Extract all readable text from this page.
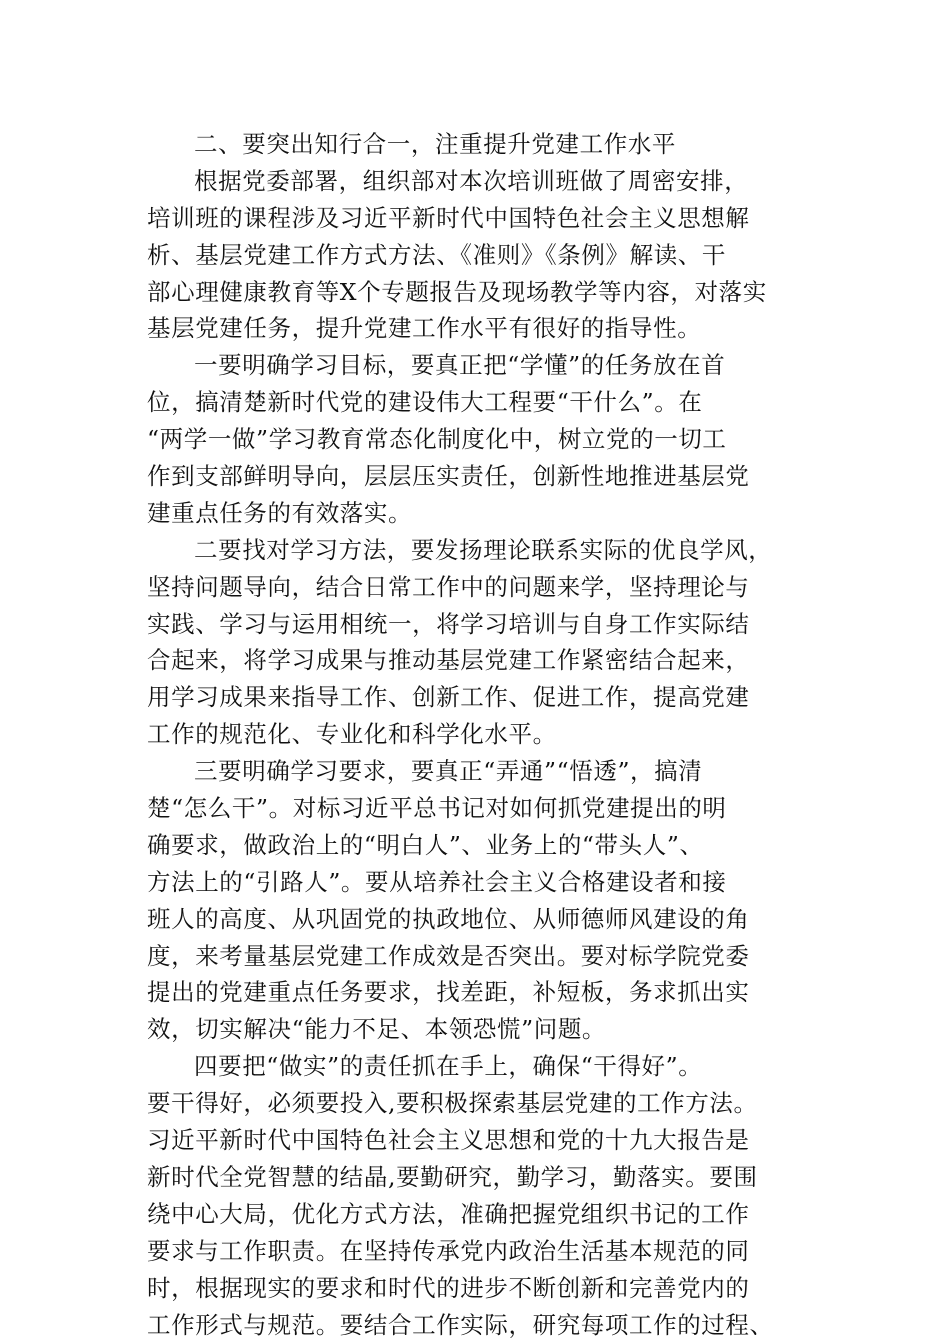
二、要突出知行合一，注重提升党建工作水平
根据党委部署，组织部对本次培训班做了周密安排，
培训班的课程涉及习近平新时代中国特色社会主义思想解
析、基层党建工作方式方法、《准则》《条例》解读、干
部心理健康教育等X个专题报告及现场教学等内容，对落实
基层党建任务，提升党建工作水平有很好的指导性。
一要明确学习目标，要真正把“学懂”的任务放在首
位，搞清楚新时代党的建设伟大工程要“干什么”。在
“两学一做”学习教育常态化制度化中，树立党的一切工
作到支部鲜明导向，层层压实责任，创新性地推进基层党
建重点任务的有效落实。
二要找对学习方法，要发扬理论联系实际的优良学风，
坚持问题导向，结合日常工作中的问题来学，坚持理论与
实践、学习与运用相统一，将学习培训与自身工作实际结
合起来，将学习成果与推动基层党建工作紧密结合起来，
用学习成果来指导工作、创新工作、促进工作，提高党建
工作的规范化、专业化和科学化水平。
三要明确学习要求，要真正“弄通”“悟透”，搞清
楚“怎么干”。对标习近平总书记对如何抓党建提出的明
确要求，做政治上的“明白人”、业务上的“带头人”、
方法上的“引路人”。要从培养社会主义合格建设者和接
班人的高度、从巩固党的执政地位、从师德师风建设的角
度，来考量基层党建工作成效是否突出。要对标学院党委
提出的党建重点任务要求，找差距，补短板，务求抓出实
效，切实解决“能力不足、本领恐慌”问题。
四要把“做实”的责任抓在手上，确保“干得好”。
要干得好，必须要投入,要积极探索基层党建的工作方法。
习近平新时代中国特色社会主义思想和党的十九大报告是
新时代全党智慧的结晶,要勤研究，勤学习，勤落实。要围
绕中心大局，优化方式方法，准确把握党组织书记的工作
要求与工作职责。在坚持传承党内政治生活基本规范的同
时，根据现实的要求和时代的进步不断创新和完善党内的
工作形式与规范。要结合工作实际，研究每项工作的过程、
